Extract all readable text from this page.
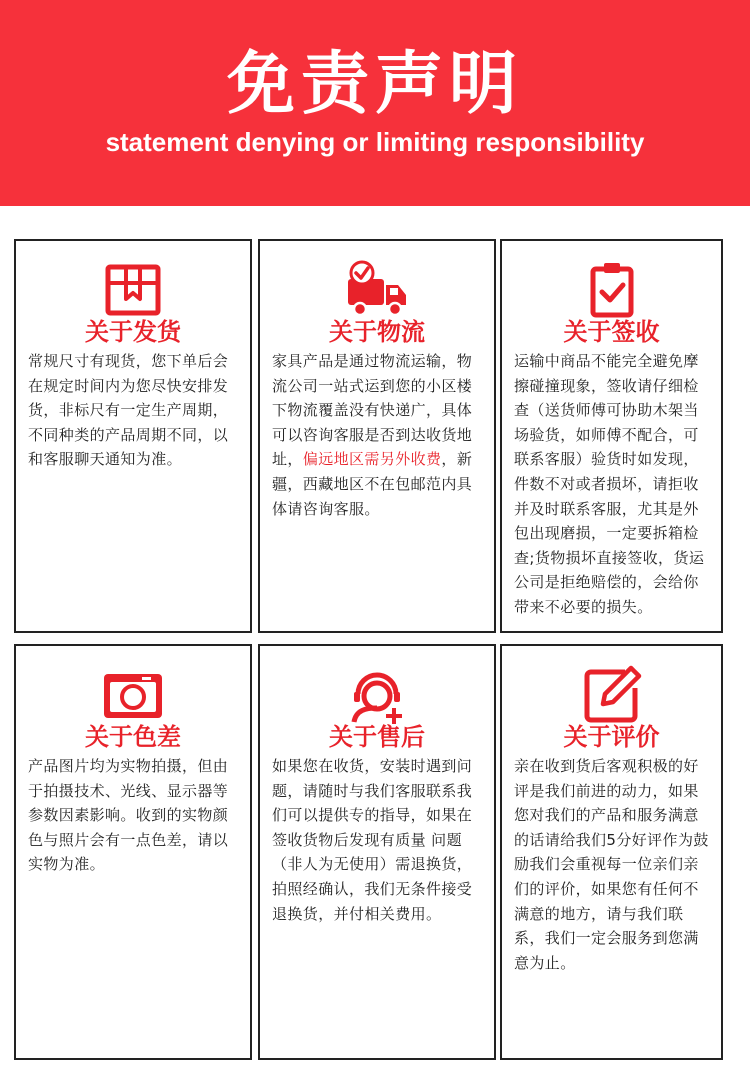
免责声明
statement denying or limiting responsibility
关于发货
常规尺寸有现货，您下单后会在规定时间内为您尽快安排发货，非标尺有一定生产周期，不同种类的产品周期不同，以和客服聊天通知为准。
关于物流
家具产品是通过物流运输，物流公司一站式运到您的小区楼下物流覆盖没有快递广，具体可以咨询客服是否到达收货地址，偏远地区需另外收费，新疆，西藏地区不在包邮范内具体请咨询客服。
关于签收
运输中商品不能完全避免摩擦碰撞现象，签收请仔细检查（送货师傅可协助木架当场验货，如师傅不配合，可联系客服）验货时如发现，件数不对或者损坏，请拒收并及时联系客服，尤其是外包出现磨损，一定要拆箱检查;货物损坏直接签收，货运公司是拒绝赔偿的，会给你带来不必要的损失。
关于色差
产品图片均为实物拍摄，但由于拍摄技术、光线、显示器等参数因素影响。收到的实物颜色与照片会有一点色差，请以实物为准。
关于售后
如果您在收货，安装时遇到问题，请随时与我们客服联系我们可以提供专的指导，如果在签收货物后发现有质量 问题（非人为无使用）需退换货，拍照经确认，我们无条件接受退换货，并付相关费用。
关于评价
亲在收到货后客观积极的好评是我们前进的动力，如果您对我们的产品和服务满意的话请给我们5分好评作为鼓励我们会重视每一位亲们亲们的评价，如果您有任何不满意的地方，请与我们联系，我们一定会服务到您满意为止。
